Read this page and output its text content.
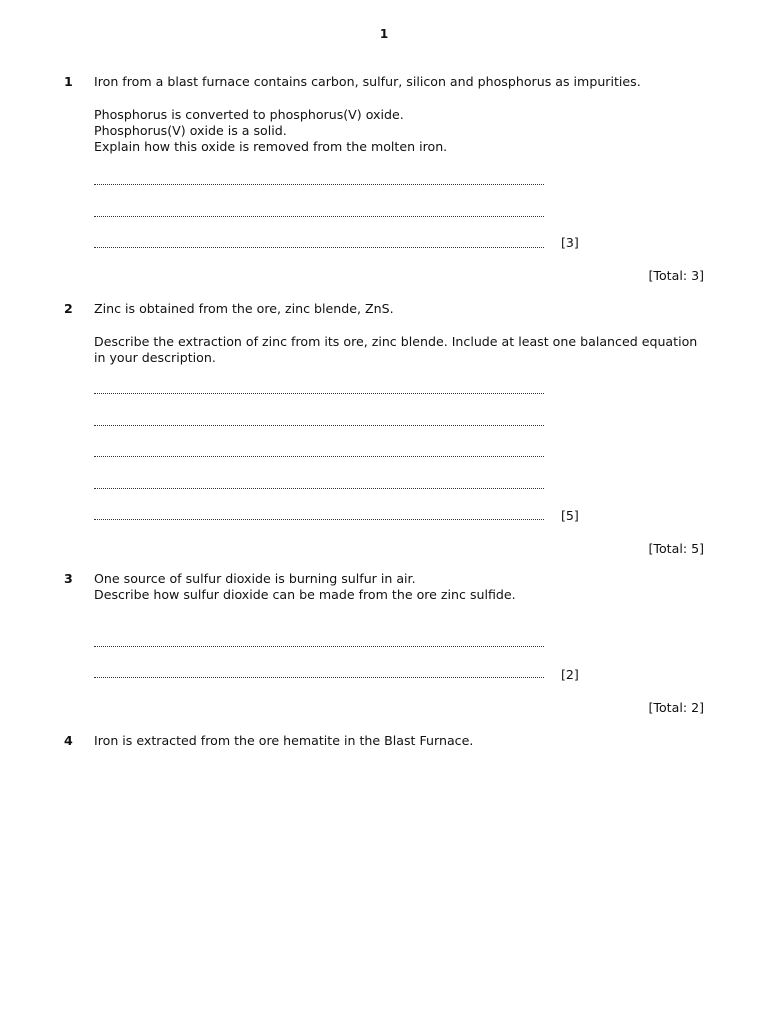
1
1 Iron from a blast furnace contains carbon, sulfur, silicon and phosphorus as impurities.
Phosphorus is converted to phosphorus(V) oxide.
Phosphorus(V) oxide is a solid.
Explain how this oxide is removed from the molten iron.
[3]
[Total: 3]
2 Zinc is obtained from the ore, zinc blende, ZnS.
Describe the extraction of zinc from its ore, zinc blende. Include at least one balanced equation
in your description.
[5]
[Total: 5]
3 One source of sulfur dioxide is burning sulfur in air.
Describe how sulfur dioxide can be made from the ore zinc sulfide.
[2]
[Total: 2]
4 Iron is extracted from the ore hematite in the Blast Furnace.
